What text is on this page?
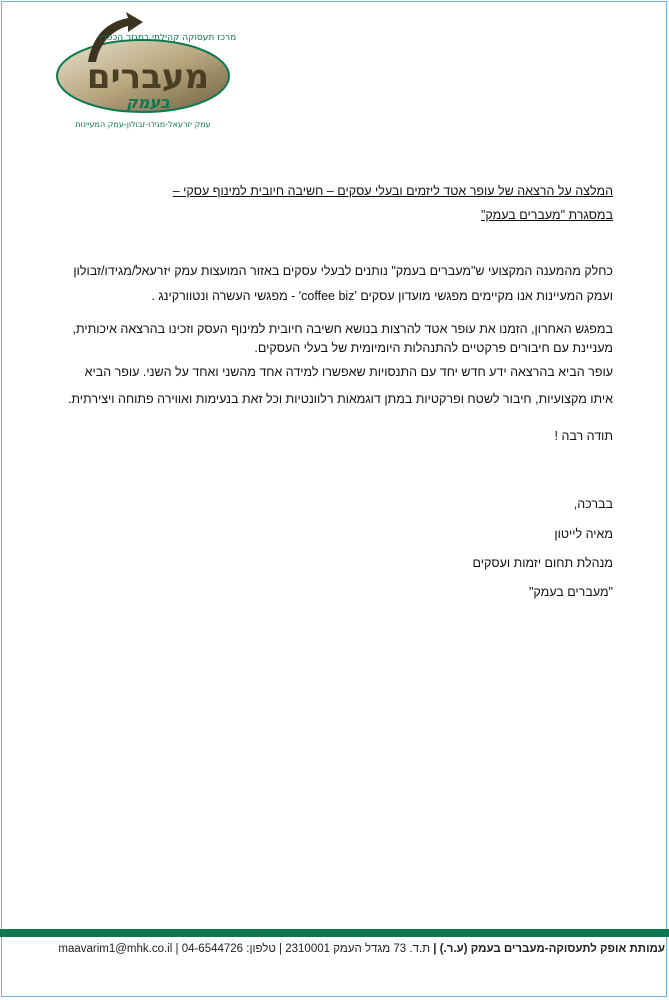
מעברים
בעמק
מרכז תעסוקה קהילתי במגזר הכפרי
עמק יזרעאל-מגידו-זבולון-עמק המעיינות
המלצה על הרצאה של עופר אטד ליזמים ובעלי עסקים – חשיבה חיובית למינוף עסקי –
במסגרת "מעברים בעמק"
כחלק מהמענה המקצועי ש"מעברים בעמק" נותנים לבעלי עסקים באזור המועצות עמק יזרעאל/מגידו/זבולון
ועמק המעיינות אנו מקיימים מפגשי מועדון עסקים 'coffee biz' - מפגשי העשרה ונטוורקינג .
במפגש האחרון, הזמנו את עופר אטד להרצות בנושא חשיבה חיובית למינוף העסק וזכינו בהרצאה איכותית,
מעניינת עם חיבורים פרקטיים להתנהלות היומיומית של בעלי העסקים.
עופר הביא בהרצאה ידע חדש יחד עם התנסויות שאפשרו למידה אחד מהשני ואחד על השני. עופר הביא
איתו מקצועיות, חיבור לשטח ופרקטיות במתן דוגמאות רלוונטיות וכל זאת בנעימות ואווירה פתוחה ויצירתית.
תודה רבה !
בברכה,
מאיה לייטון
מנהלת תחום יזמות ועסקים
"מעברים בעמק"
עמותת אופק לתעסוקה-מעברים בעמק (ע.ר.) | ת.ד. 73 מגדל העמק 2310001 | טלפון: 04-6544726 | maavarim1@mhk.co.il
